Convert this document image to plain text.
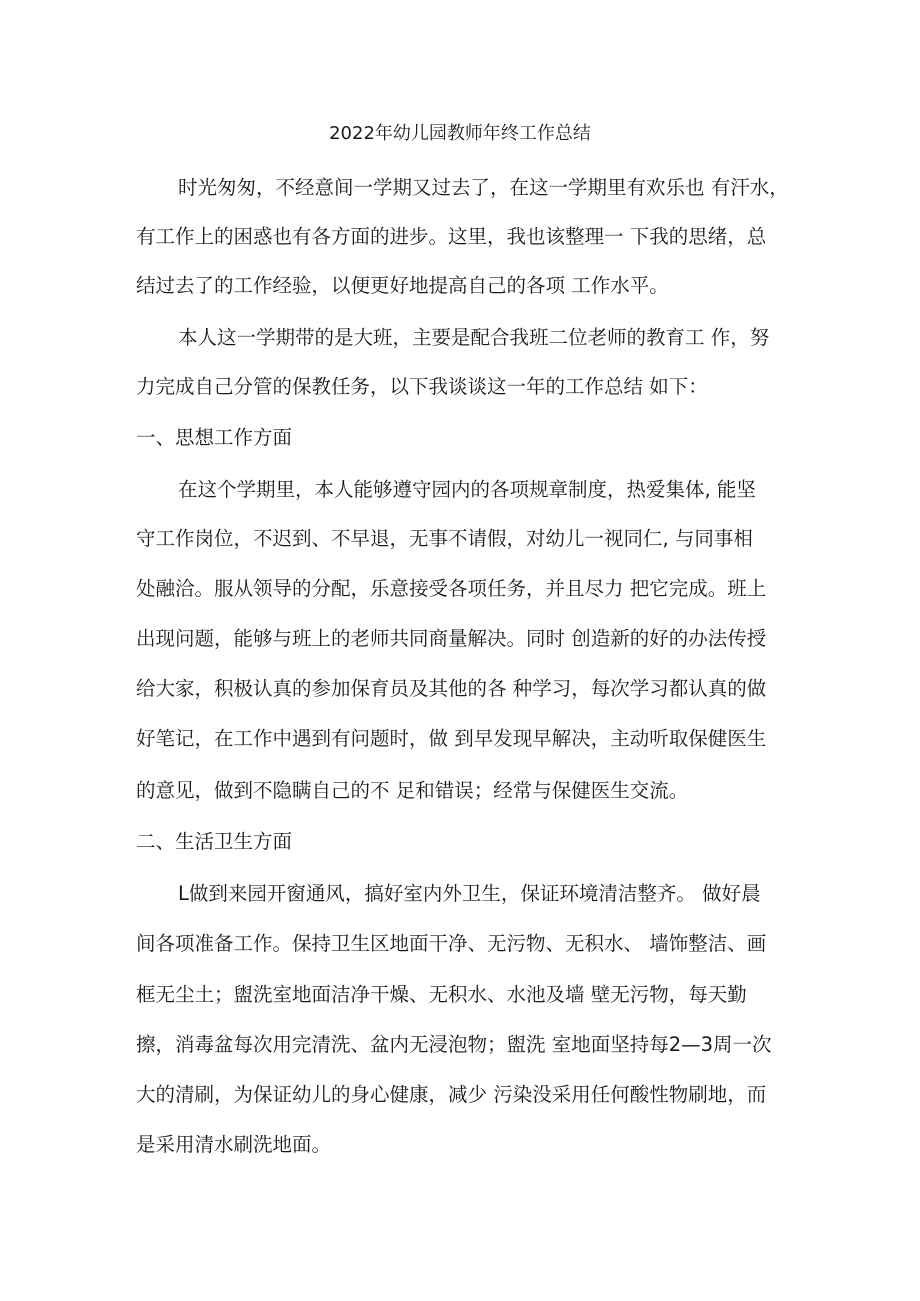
2022年幼儿园教师年终工作总结
时光匆匆，不经意间一学期又过去了，在这一学期里有欢乐也 有汗水，
有工作上的困惑也有各方面的进步。这里，我也该整理一 下我的思绪，总
结过去了的工作经验，以便更好地提高自己的各项 工作水平。
本人这一学期带的是大班，主要是配合我班二位老师的教育工 作，努
力完成自己分管的保教任务，以下我谈谈这一年的工作总结 如下：
一、思想工作方面
在这个学期里，本人能够遵守园内的各项规章制度，热爱集体, 能坚
守工作岗位，不迟到、不早退，无事不请假，对幼儿一视同仁, 与同事相
处融洽。服从领导的分配，乐意接受各项任务，并且尽力 把它完成。班上
出现问题，能够与班上的老师共同商量解决。同时 创造新的好的办法传授
给大家，积极认真的参加保育员及其他的各 种学习，每次学习都认真的做
好笔记，在工作中遇到有问题时，做 到早发现早解决，主动听取保健医生
的意见，做到不隐瞒自己的不 足和错误；经常与保健医生交流。
二、生活卫生方面
L做到来园开窗通风，搞好室内外卫生，保证环境清洁整齐。 做好晨
间各项准备工作。保持卫生区地面干净、无污物、无积水、 墙饰整洁、画
框无尘土；盥洗室地面洁净干燥、无积水、水池及墙 壁无污物，每天勤
擦，消毒盆每次用完清洗、盆内无浸泡物；盥洗 室地面坚持每2—3周一次
大的清刷，为保证幼儿的身心健康，减少 污染没采用任何酸性物刷地，而
是采用清水刷洗地面。
